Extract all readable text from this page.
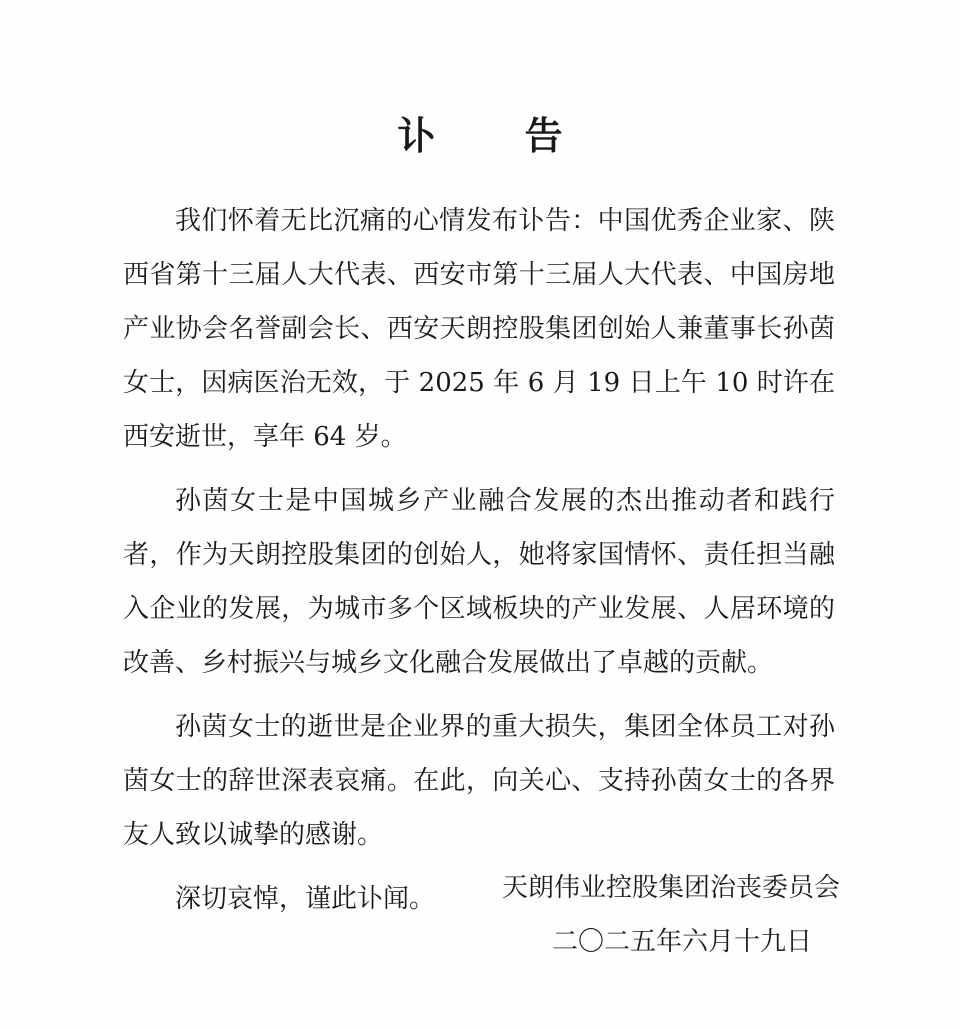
讣 告

我们怀着无比沉痛的心情发布讣告：中国优秀企业家、陕西省第十三届人大代表、西安市第十三届人大代表、中国房地产业协会名誉副会长、西安天朗控股集团创始人兼董事长孙茵女士，因病医治无效，于 2025 年 6 月 19 日上午 10 时许在西安逝世，享年 64 岁。

孙茵女士是中国城乡产业融合发展的杰出推动者和践行者，作为天朗控股集团的创始人，她将家国情怀、责任担当融入企业的发展，为城市多个区域板块的产业发展、人居环境的改善、乡村振兴与城乡文化融合发展做出了卓越的贡献。

孙茵女士的逝世是企业界的重大损失，集团全体员工对孙茵女士的辞世深表哀痛。在此，向关心、支持孙茵女士的各界友人致以诚挚的感谢。

深切哀悼，谨此讣闻。	天朗伟业控股集团治丧委员会
二〇二五年六月十九日
